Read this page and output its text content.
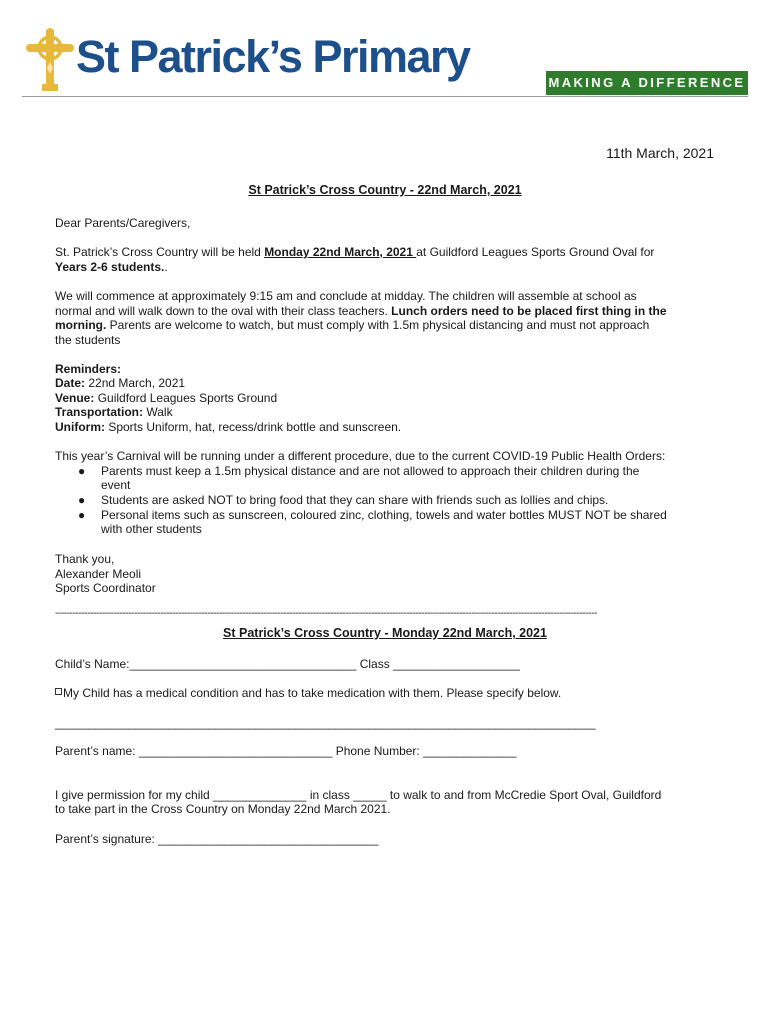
St Patrick’s Primary
MAKING A DIFFERENCE
11th March, 2021
St Patrick’s Cross Country - 22nd March, 2021
Dear Parents/Caregivers,
St. Patrick’s Cross Country will be held Monday 22nd March, 2021 at Guildford Leagues Sports Ground Oval for
Years 2-6 students..
We will commence at approximately 9:15 am and conclude at midday. The children will assemble at school as
normal and will walk down to the oval with their class teachers. Lunch orders need to be placed first thing in the
morning. Parents are welcome to watch, but must comply with 1.5m physical distancing and must not approach
the students
Reminders:
Date: 22nd March, 2021
Venue: Guildford Leagues Sports Ground
Transportation: Walk
Uniform: Sports Uniform, hat, recess/drink bottle and sunscreen.
This year’s Carnival will be running under a different procedure, due to the current COVID-19 Public Health Orders:
● Parents must keep a 1.5m physical distance and are not allowed to approach their children during the
event
● Students are asked NOT to bring food that they can share with friends such as lollies and chips.
● Personal items such as sunscreen, coloured zinc, clothing, towels and water bottles MUST NOT be shared
with other students
Thank you,
Alexander Meoli
Sports Coordinator
-----------------------------------------------------------------------------------------------------------------------------------------------------------------------------------------
St Patrick’s Cross Country - Monday 22nd March, 2021
Child’s Name:__________________________________ Class ___________________
My Child has a medical condition and has to take medication with them. Please specify below.
_________________________________________________________________________________
Parent’s name: _____________________________ Phone Number: ______________
I give permission for my child ______________ in class _____ to walk to and from McCredie Sport Oval, Guildford
to take part in the Cross Country on Monday 22nd March 2021.
Parent’s signature: _________________________________
